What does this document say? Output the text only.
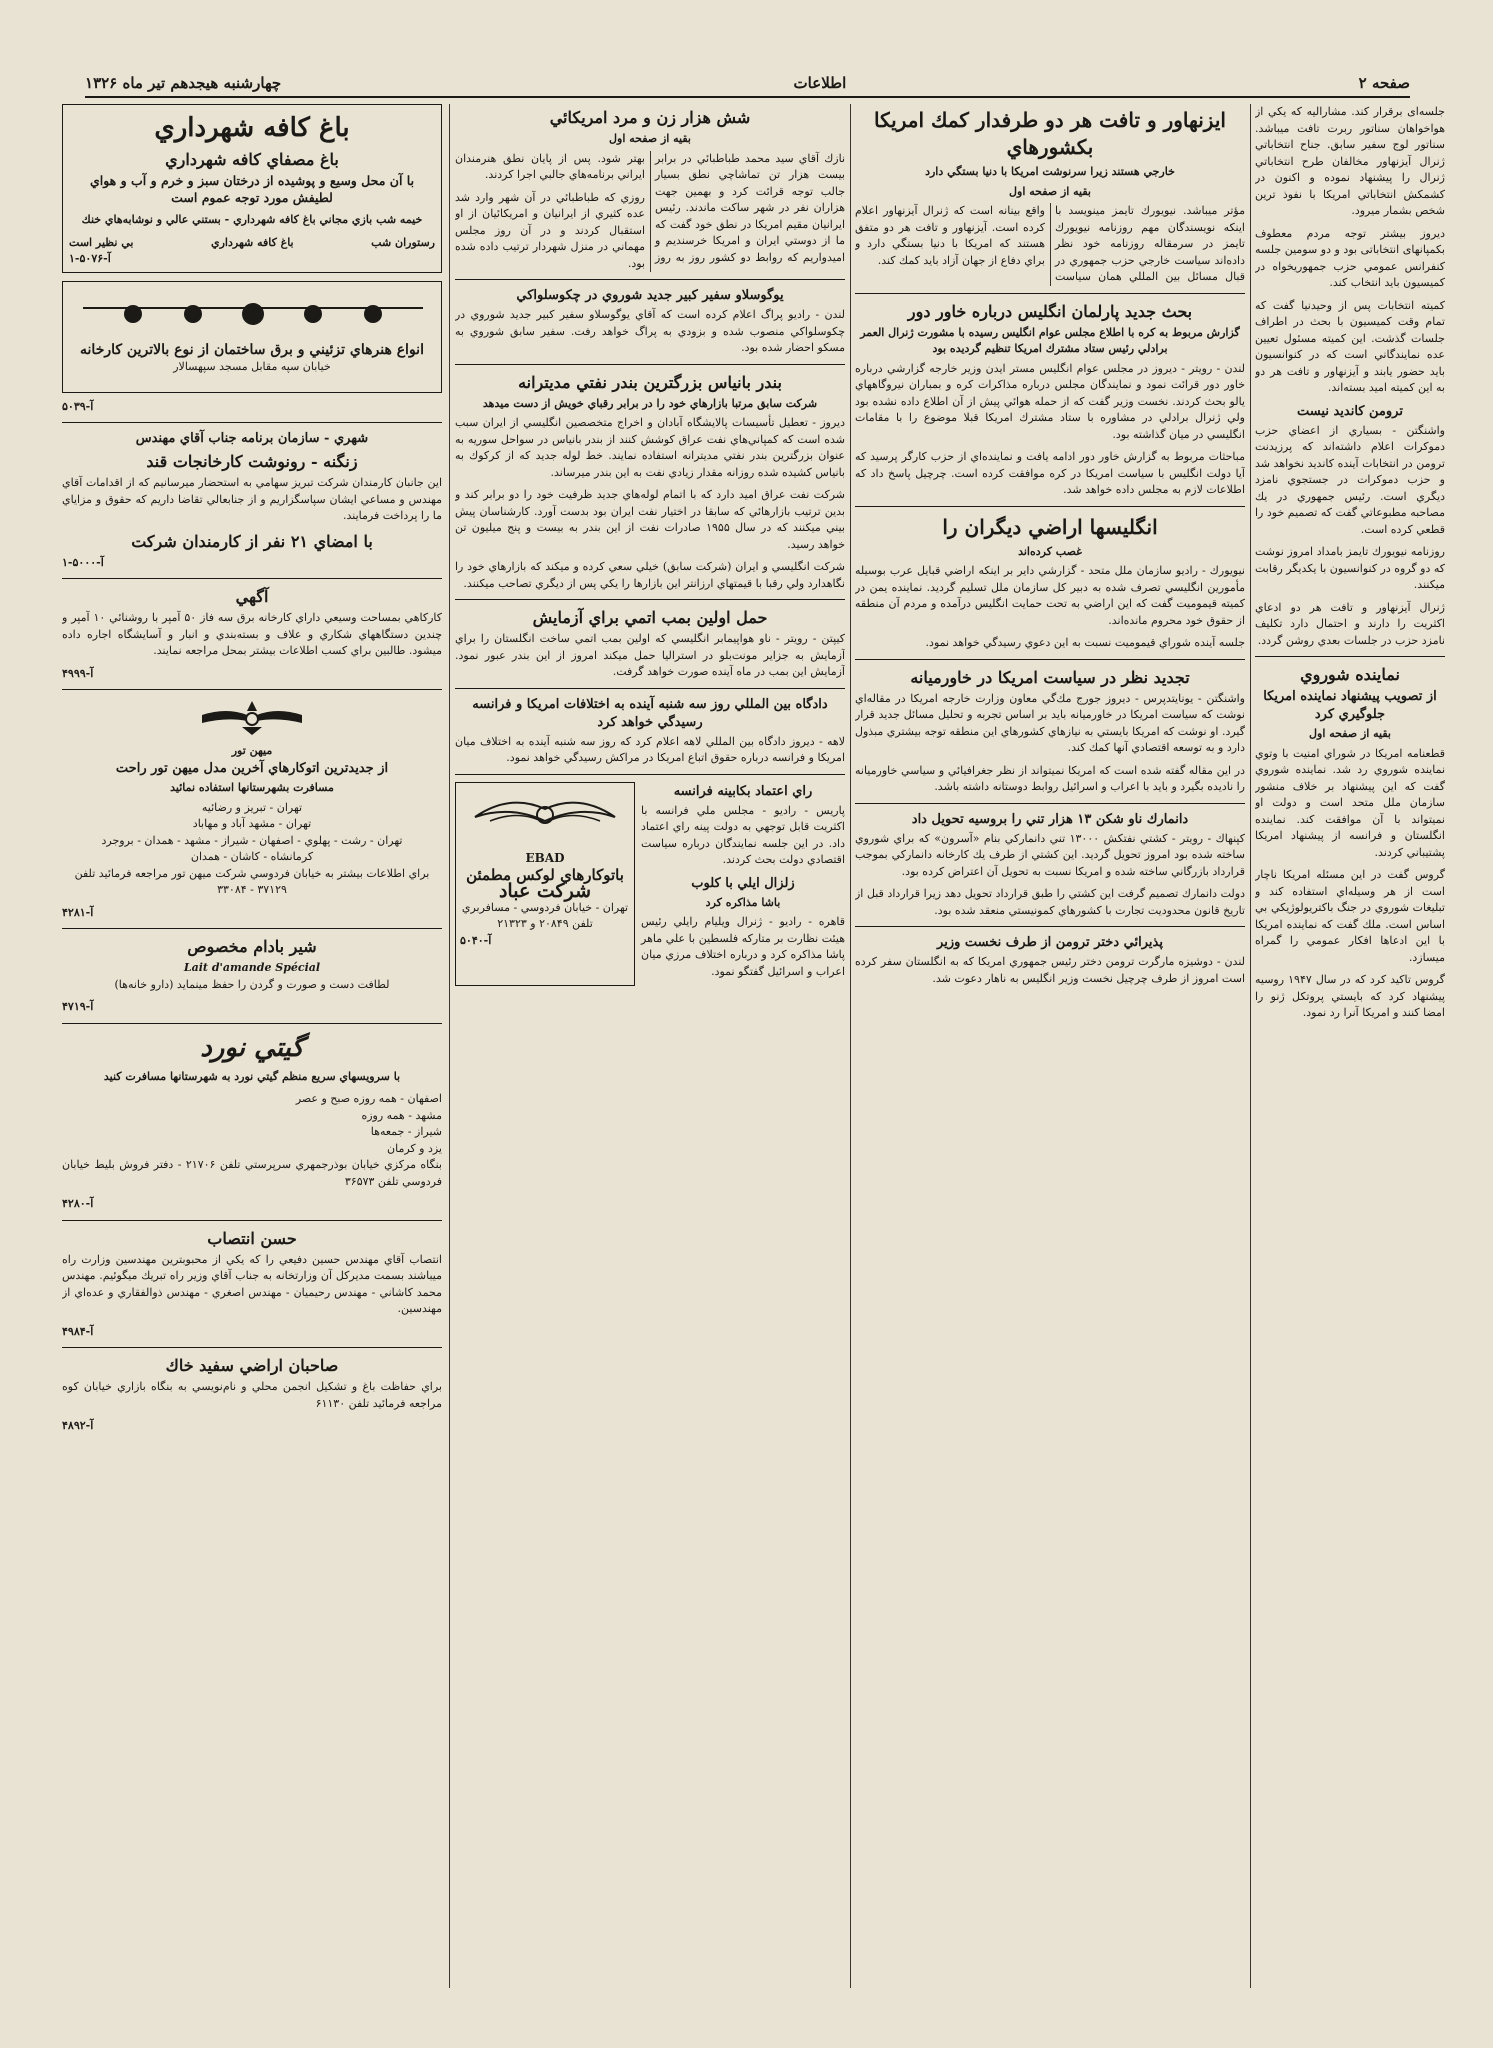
صفحه ۲
اطلاعات
چهارشنبه هیجدهم تیر ماه ۱۳۲۶

جلسه‌ای برقرار کند. مشاراليه كه يكي از هواخواهان سناتور ربرت تافت ميباشد. سناتور لوج سفير سابق. جناح انتخاباتي ژنرال آيزنهاور مخالفان طرح انتخاباتي ژنرال را پيشنهاد نموده و اكنون در كشمكش انتخاباتي امريكا با نفوذ ترين شخص بشمار ميرود.

ديروز بيشتر توجه مردم معطوف بكمپانهای انتخاباتی بود و دو سومين جلسه كنفرانس عمومي حزب جمهوريخواه در کمیسیون بايد انتخاب كند.

كميته انتخابات پس از وحيدنیا گفت كه تمام وقت كميسيون با بحث در اطراف جلسات گذشت. اين كميته مسئول تعيين عده نمايندگاني است كه در كنوانسيون بايد حضور يابند و آيزنهاور و تافت هر دو به اين كميته اميد بسته‌اند.

ترومن كانديد نيست

واشنگتن - بسياري از اعضاي حزب دموكرات اعلام داشته‌اند كه پرزيدنت ترومن در انتخابات آينده كانديد نخواهد شد و حزب دموكرات در جستجوي نامزد ديگري است. رئيس جمهوري در يك مصاحبه مطبوعاتي گفت كه تصميم خود را قطعي كرده است.

روزنامه نيويورك تايمز بامداد امروز نوشت كه دو گروه در كنوانسيون با يكديگر رقابت ميكنند.

ژنرال آيزنهاور و تافت هر دو ادعاي اكثريت را دارند و احتمال دارد تكليف نامزد حزب در جلسات بعدي روشن گردد.

نماينده شوروي
از تصويب پيشنهاد نماينده امريكا جلوگيري كرد
بقيه از صفحه اول

قطعنامه امريكا در شوراي امنيت با وتوي نماينده شوروي رد شد. نماينده شوروي گفت كه اين پيشنهاد بر خلاف منشور سازمان ملل متحد است و دولت او نميتواند با آن موافقت كند. نماينده انگلستان و فرانسه از پيشنهاد امريكا پشتيباني كردند.

گروس گفت در اين مسئله امريكا ناچار است از هر وسيله‌اي استفاده كند و تبليغات شوروي در جنگ باكتريولوژيكي بي اساس است. ملك گفت كه نماينده امريكا با اين ادعاها افكار عمومي را گمراه ميسازد.

گروس تاكيد كرد كه در سال ۱۹۴۷ روسيه پيشنهاد كرد كه بايستي پروتكل ژنو را امضا كنند و امريكا آنرا رد نمود.

ايزنهاور و تافت هر دو طرفدار كمك امريكا بكشورهاي
خارجي هستند زيرا سرنوشت امريكا با دنيا بستگي دارد
بقيه از صفحه اول

مؤتر ميباشد. نيويورك تايمز مينويسد با اينكه نويسندگان مهم روزنامه نيويورك تايمز در سرمقاله روزنامه خود نظر داده‌اند سياست خارجي حزب جمهوري در قبال مسائل بين المللي همان سياست واقع بينانه است كه ژنرال آيزنهاور اعلام كرده است. آيزنهاور و تافت هر دو متفق هستند كه امريكا با دنيا بستگي دارد و براي دفاع از جهان آزاد بايد كمك كند.

بحث جديد پارلمان انگليس درباره خاور دور
گزارش مربوط به كره با اطلاع مجلس عوام انگليس رسيده با مشورت ژنرال العمر برادلي رئيس ستاد مشترك امريكا تنظيم گرديده بود

لندن - رويتر - ديروز در مجلس عوام انگليس مستر ايدن وزير خارجه گزارشي درباره خاور دور قرائت نمود و نمايندگان مجلس درباره مذاكرات كره و بمباران نيروگاههاي يالو بحث كردند. نخست وزير گفت كه از حمله هوائي پيش از آن اطلاع داده نشده بود ولي ژنرال برادلي در مشاوره با ستاد مشترك امريكا قبلا موضوع را با مقامات انگليسي در ميان گذاشته بود.

مباحثات مربوط به گزارش خاور دور ادامه يافت و نماينده‌اي از حزب كارگر پرسيد كه آيا دولت انگليس با سياست امريكا در كره موافقت كرده است. چرچيل پاسخ داد كه اطلاعات لازم به مجلس داده خواهد شد.

انگليسها اراضي ديگران را
غصب كرده‌اند

نيويورك - رادیو سازمان ملل متحد - گزارشي داير بر اينكه اراضي قبايل عرب بوسيله مأمورين انگليسي تصرف شده به دبير كل سازمان ملل تسليم گرديد. نماينده يمن در كميته قيموميت گفت كه اين اراضي به تحت حمايت انگليس درآمده و مردم آن منطقه از حقوق خود محروم مانده‌اند.

جلسه آينده شوراي قيموميت نسبت به اين دعوي رسيدگي خواهد نمود.

تجديد نظر در سياست امريكا در خاورميانه

واشنگتن - يونايتدپرس - ديروز جورج مك‌گي معاون وزارت خارجه امريكا در مقاله‌اي نوشت كه سياست امريكا در خاورميانه بايد بر اساس تجربه و تحليل مسائل جديد قرار گيرد. او نوشت كه امريكا بايستي به نيازهاي كشورهاي اين منطقه توجه بيشتري مبذول دارد و به توسعه اقتصادي آنها كمك كند.

در اين مقاله گفته شده است كه امريكا نميتواند از نظر جغرافيائي و سياسي خاورميانه را ناديده بگيرد و بايد با اعراب و اسرائيل روابط دوستانه داشته باشد.

دانمارك ناو شكن ۱۳ هزار تني را بروسيه تحويل داد

كپنهاك - رويتر - كشتي نفتكش ۱۳۰۰۰ تني دانماركي بنام «آسرون» كه براي شوروي ساخته شده بود امروز تحويل گرديد. اين كشتي از طرف يك كارخانه دانماركي بموجب قرارداد بازرگاني ساخته شده و امريكا نسبت به تحويل آن اعتراض كرده بود.

دولت دانمارك تصميم گرفت اين كشتي را طبق قرارداد تحويل دهد زيرا قرارداد قبل از تاريخ قانون محدوديت تجارت با كشورهاي كمونيستي منعقد شده بود.

پذيرائي دختر ترومن از طرف نخست وزير

لندن - دوشيزه مارگرت ترومن دختر رئيس جمهوري امريكا كه به انگلستان سفر كرده است امروز از طرف چرچيل نخست وزير انگليس به ناهار دعوت شد.

شش هزار زن و مرد امريكائي
بقيه از صفحه اول

نازك آقاي سيد محمد طباطبائي در برابر بيست هزار تن تماشاچي نطق بسيار جالب توجه قرائت كرد و بهمين جهت هزاران نفر در شهر ساكت ماندند. رئيس ايرانيان مقيم امريكا در نطق خود گفت كه ما از دوستي ايران و امريكا خرسنديم و اميدواريم كه روابط دو كشور روز به روز بهتر شود. پس از پايان نطق هنرمندان ايراني برنامه‌هاي جالبي اجرا كردند.

روزي كه طباطبائي در آن شهر وارد شد عده كثيري از ايرانيان و امريكائيان از او استقبال كردند و در آن روز مجلس مهماني در منزل شهردار ترتيب داده شده بود.

يوگوسلاو سفير كبير جديد شوروي در چكوسلواكي

لندن - راديو پراگ اعلام كرده است كه آقاي يوگوسلاو سفير كبير جديد شوروي در چكوسلواكي منصوب شده و بزودي به پراگ خواهد رفت. سفير سابق شوروي به مسكو احضار شده بود.

بندر بانياس بزرگترين بندر نفتي مديترانه
شركت سابق مرتبا بازارهاي خود را در برابر رقباي خويش از دست ميدهد

ديروز - تعطيل تأسيسات پالايشگاه آبادان و اخراج متخصصين انگليسي از ايران سبب شده است كه كمپاني‌هاي نفت عراق كوشش كنند از بندر بانياس در سواحل سوريه به عنوان بزرگترين بندر نفتي مديترانه استفاده نمايند. خط لوله جديد كه از كركوك به بانياس كشيده شده روزانه مقدار زيادي نفت به اين بندر ميرساند.

شركت نفت عراق اميد دارد كه با اتمام لوله‌هاي جديد ظرفيت خود را دو برابر كند و بدين ترتيب بازارهائي كه سابقا در اختيار نفت ايران بود بدست آورد. كارشناسان پيش بيني ميكنند كه در سال ۱۹۵۵ صادرات نفت از اين بندر به بيست و پنج ميليون تن خواهد رسيد.

شركت انگليسي و ايران (شركت سابق) خيلي سعي كرده و ميكند كه بازارهاي خود را نگاهدارد ولي رقبا با قيمتهاي ارزانتر اين بازارها را يكي پس از ديگري تصاحب ميكنند.

حمل اولين بمب اتمي براي آزمايش

كيپتن - رويتر - ناو هواپيمابر انگليسي كه اولين بمب اتمي ساخت انگلستان را براي آزمايش به جزاير مونت‌بلو در استراليا حمل ميكند امروز از اين بندر عبور نمود. آزمايش اين بمب در ماه آينده صورت خواهد گرفت.

دادگاه بين المللي روز سه شنبه آينده به اختلافات امريكا و فرانسه رسيدگي خواهد كرد

لاهه - ديروز دادگاه بين المللي لاهه اعلام كرد كه روز سه شنبه آينده به اختلاف ميان امريكا و فرانسه درباره حقوق اتباع امريكا در مراكش رسيدگي خواهد نمود.

راي اعتماد بكابينه فرانسه

پاريس - راديو - مجلس ملي فرانسه با اكثريت قابل توجهي به دولت پينه راي اعتماد داد. در اين جلسه نمايندگان درباره سياست اقتصادي دولت بحث كردند.

زلزال ايلي با كلوب
باشا مذاكره كرد

قاهره - راديو - ژنرال ويليام رايلي رئيس هيئت نظارت بر متاركه فلسطين با علي ماهر پاشا مذاكره كرد و درباره اختلاف مرزي ميان اعراب و اسرائيل گفتگو نمود.

EBAD
باتوكارهاي لوكس مطمئن
شركت عباد
تهران - خيابان فردوسي - مسافربري
تلفن ۲۰۸۴۹ و ۲۱۳۲۳
آ-۵۰۴۰
باغ كافه شهرداري
باغ مصفاي كافه شهرداري

با آن محل وسيع و پوشيده از درختان سبز و خرم و آب و هواي لطيفش مورد توجه عموم است

خيمه شب بازي مجاني باغ كافه شهرداري - بستني عالي و نوشابه‌هاي خنك

رستوران شب
باغ كافه شهرداري
بي نظير است
آ-۵۰۷۶-۱
انواع هنرهاي تزئيني و برق ساختمان از نوع بالاترين كارخانه
خيابان سپه مقابل مسجد سپهسالار
آ-۵۰۳۹
شهري - سازمان برنامه جناب آقاي مهندس
زنگنه - رونوشت كارخانجات قند

اين جانبان كارمندان شركت تبريز سهامي به استحضار ميرسانيم كه از اقدامات آقاي مهندس و مساعي ايشان سپاسگزاريم و از جنابعالي تقاضا داريم كه حقوق و مزاياي ما را پرداخت فرمايند.

با امضاي ۲۱ نفر از كارمندان شركت
آ-۵۰۰۰-۱
آگهي

كاركاهي بمساحت وسيعي داراي كارخانه برق سه فاز ۵۰ آمپر با روشنائي ۱۰ آمپر و چندين دستگاههاي شكاري و علاف و بسته‌بندي و انبار و آسايشگاه اجاره داده ميشود. طالبين براي كسب اطلاعات بيشتر بمحل مراجعه نمايند.

آ-۴۹۹۹
ميهن تور
از جديدترين اتوكارهاي آخرين مدل ميهن تور راحت
مسافرت بشهرستانها استفاده نمائيد
تهران - تبريز و رضائيه
تهران - مشهد آباد و مهاباد
تهران - رشت - پهلوي - اصفهان - شيراز - مشهد - همدان - بروجرد
كرمانشاه - كاشان - همدان

براي اطلاعات بيشتر به خيابان فردوسي شركت ميهن تور مراجعه فرمائيد تلفن ۳۷۱۲۹ - ۳۳۰۸۴

آ-۴۲۸۱
شير بادام مخصوص
Lait d'amande Spécial

لطافت دست و صورت و گردن را حفظ مينمايد (دارو خانه‌ها)

آ-۴۷۱۹
گيتي نورد

با سرويسهاي سريع منظم گيتي نورد به شهرستانها مسافرت كنيد

اصفهان - همه روزه صبح و عصر
مشهد - همه روزه
شيراز - جمعه‌ها
يزد و كرمان

بنگاه مركزي خيابان بوذرجمهري سرپرستي تلفن ۲۱۷۰۶ - دفتر فروش بليط خيابان فردوسي تلفن ۳۶۵۷۳

آ-۴۲۸۰
حسن انتصاب

انتصاب آقاي مهندس حسين دفيعي را كه يكي از محبوبترين مهندسين وزارت راه ميباشند بسمت مديركل آن وزارتخانه به جناب آقاي وزير راه تبريك ميگوئيم. مهندس محمد كاشاني - مهندس رحيميان - مهندس اصغري - مهندس ذوالفقاري و عده‌اي از مهندسين.

آ-۴۹۸۴
صاحبان اراضي سفيد خاك

براي حفاظت باغ و تشكيل انجمن محلي و نام‌نويسي به بنگاه بازاري خيابان كوه مراجعه فرمائيد تلفن ۶۱۱۳۰

آ-۴۸۹۲
